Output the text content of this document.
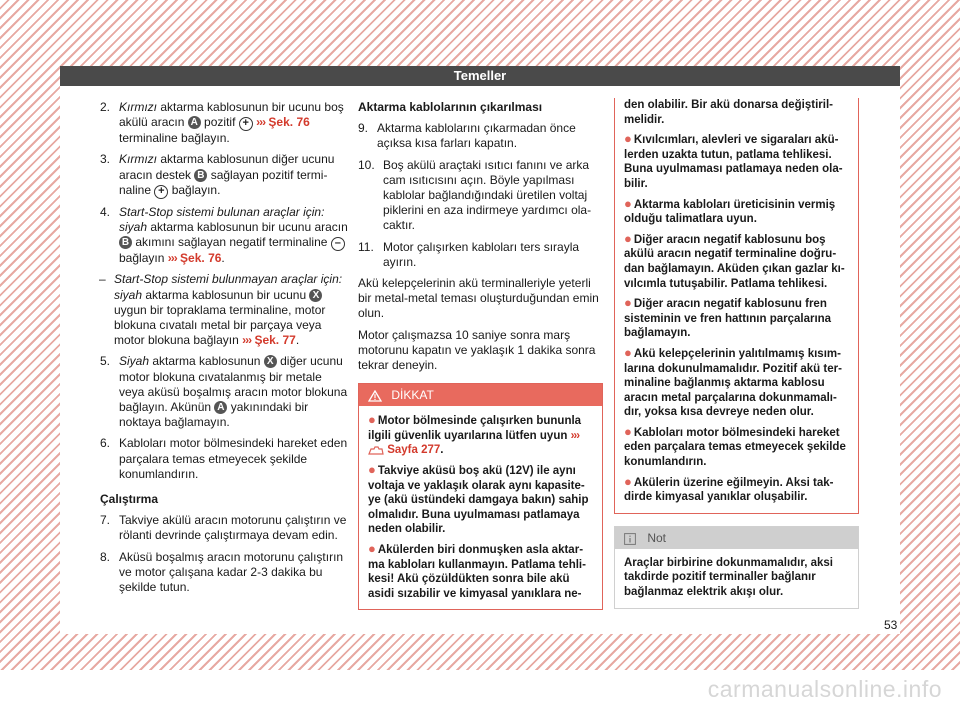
carmanualsonline.info
Temeller
2. Kırmızı aktarma kablosunun bir ucunu boş akülü aracın A pozitif + ››› Şek. 76 terminaline bağlayın.
3. Kırmızı aktarma kablosunun diğer ucunu aracın destek B sağlayan pozitif terminaline + bağlayın.
4. Start-Stop sistemi bulunan araçlar için: siyah aktarma kablosunun bir ucunu aracın B akımını sağlayan negatif terminaline – bağlayın ››› Şek. 76.
– Start-Stop sistemi bulunmayan araçlar için: siyah aktarma kablosunun bir ucunu X uygun bir topraklama terminaline, motor blokuna cıvatalı metal bir parçaya veya motor blokuna bağlayın ››› Şek. 77.
5. Siyah aktarma kablosunun X diğer ucunu motor blokuna cıvatalanmış bir metale veya aküsü boşalmış aracın motor blokuna bağlayın. Akünün A yakınındaki bir noktaya bağlamayın.
6. Kabloları motor bölmesindeki hareket eden parçalara temas etmeyecek şekilde konumlandırın.
Çalıştırma
7. Takviye akülü aracın motorunu çalıştırın ve rölanti devrinde çalıştırmaya devam edin.
8. Aküsü boşalmış aracın motorunu çalıştırın ve motor çalışana kadar 2-3 dakika bu şekilde tutun.
Aktarma kablolarının çıkarılması
9. Aktarma kablolarını çıkarmadan önce açıksa kısa farları kapatın.
10. Boş akülü araçtaki ısıtıcı fanını ve arka cam ısıtıcısını açın. Böyle yapılması kablolar bağlandığındaki üretilen voltaj piklerini en aza indirmeye yardımcı olacaktır.
11. Motor çalışırken kabloları ters sırayla ayırın.

Akü kelepçelerinin akü terminalleriyle yeterli bir metal-metal teması oluşturduğundan emin olun.

Motor çalışmazsa 10 saniye sonra marş motorunu kapatın ve yaklaşık 1 dakika sonra tekrar deneyin.

DİKKAT
● Motor bölmesinde çalışırken bununla ilgili güvenlik uyarılarına lütfen uyun ›››  Sayfa 277.
● Takviye aküsü boş akü (12V) ile aynı voltaja ve yaklaşık olarak aynı kapasiteye (akü üstündeki damgaya bakın) sahip olmalıdır. Buna uyulmaması patlamaya neden olabilir.
● Akülerden biri donmuşken asla aktarma kabloları kullanmayın. Patlama tehlikesi! Akü çözüldükten sonra bile akü asidi sızabilir ve kimyasal yanıklara ne-
den olabilir. Bir akü donarsa değiştirilmelidir.
● Kıvılcımları, alevleri ve sigaraları akülerden uzakta tutun, patlama tehlikesi. Buna uyulmaması patlamaya neden olabilir.
● Aktarma kabloları üreticisinin vermiş olduğu talimatlara uyun.
● Diğer aracın negatif kablosunu boş akülü aracın negatif terminaline doğrudan bağlamayın. Aküden çıkan gazlar kıvılcımla tutuşabilir. Patlama tehlikesi.
● Diğer aracın negatif kablosunu fren sisteminin ve fren hattının parçalarına bağlamayın.
● Akü kelepçelerinin yalıtılmamış kısımlarına dokunulmamalıdır. Pozitif akü terminaline bağlanmış aktarma kablosu aracın metal parçalarına dokunmamalıdır, yoksa kısa devreye neden olur.
● Kabloları motor bölmesindeki hareket eden parçalara temas etmeyecek şekilde konumlandırın.
● Akülerin üzerine eğilmeyin. Aksi takdirde kimyasal yanıklar oluşabilir.
Not
Araçlar birbirine dokunmamalıdır, aksi takdirde pozitif terminaller bağlanır bağlanmaz elektrik akışı olur.
53
